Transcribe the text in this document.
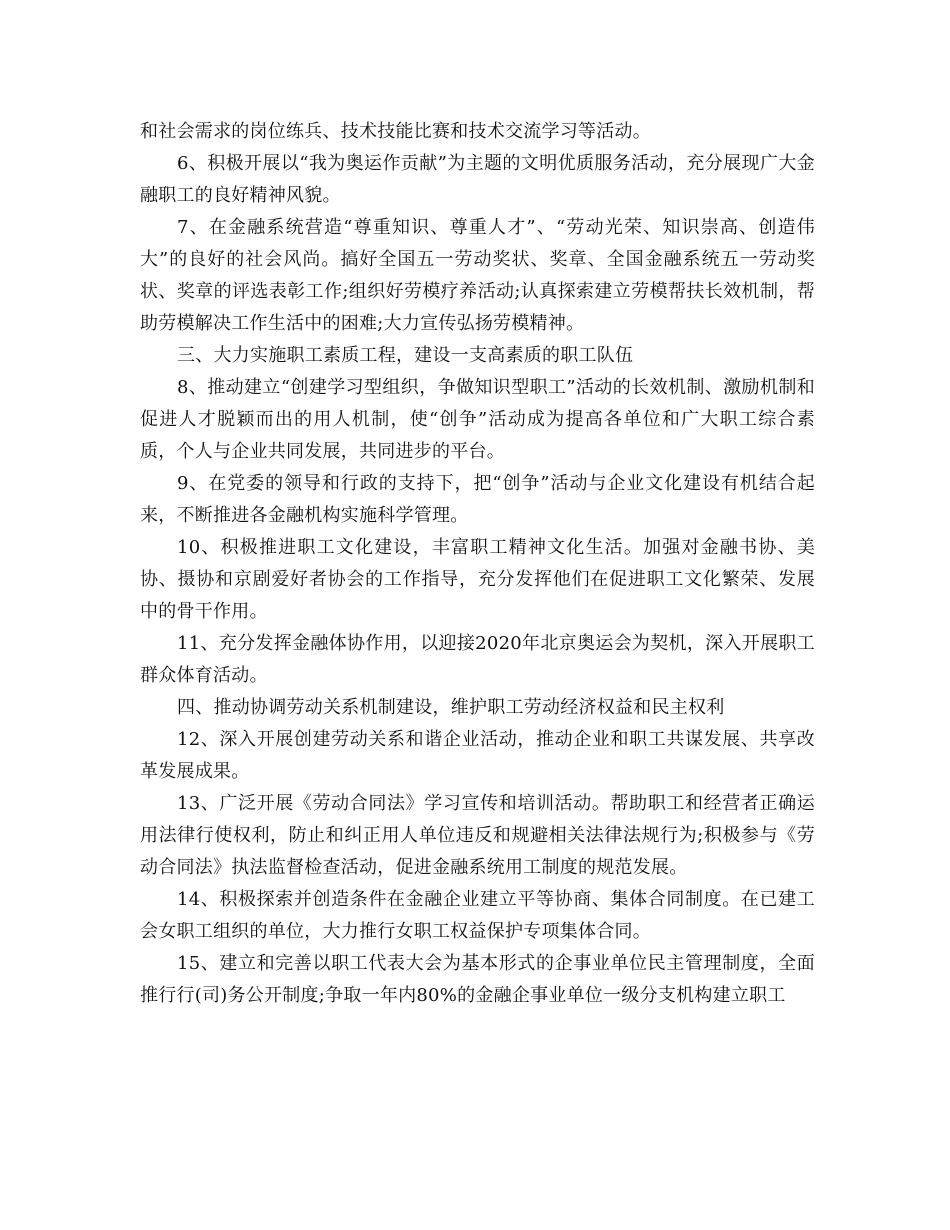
和社会需求的岗位练兵、技术技能比赛和技术交流学习等活动。

6、积极开展以“我为奥运作贡献”为主题的文明优质服务活动，充分展现广大金融职工的良好精神风貌。

7、在金融系统营造“尊重知识、尊重人才”、“劳动光荣、知识崇高、创造伟大”的良好的社会风尚。搞好全国五一劳动奖状、奖章、全国金融系统五一劳动奖状、奖章的评选表彰工作;组织好劳模疗养活动;认真探索建立劳模帮扶长效机制，帮助劳模解决工作生活中的困难;大力宣传弘扬劳模精神。

三、大力实施职工素质工程，建设一支高素质的职工队伍

8、推动建立“创建学习型组织，争做知识型职工”活动的长效机制、激励机制和促进人才脱颖而出的用人机制，使“创争”活动成为提高各单位和广大职工综合素质，个人与企业共同发展，共同进步的平台。

9、在党委的领导和行政的支持下，把“创争”活动与企业文化建设有机结合起来，不断推进各金融机构实施科学管理。

10、积极推进职工文化建设，丰富职工精神文化生活。加强对金融书协、美协、摄协和京剧爱好者协会的工作指导，充分发挥他们在促进职工文化繁荣、发展中的骨干作用。

11、充分发挥金融体协作用，以迎接2020年北京奥运会为契机，深入开展职工群众体育活动。

四、推动协调劳动关系机制建设，维护职工劳动经济权益和民主权利

12、深入开展创建劳动关系和谐企业活动，推动企业和职工共谋发展、共享改革发展成果。

13、广泛开展《劳动合同法》学习宣传和培训活动。帮助职工和经营者正确运用法律行使权利，防止和纠正用人单位违反和规避相关法律法规行为;积极参与《劳动合同法》执法监督检查活动，促进金融系统用工制度的规范发展。

14、积极探索并创造条件在金融企业建立平等协商、集体合同制度。在已建工会女职工组织的单位，大力推行女职工权益保护专项集体合同。

15、建立和完善以职工代表大会为基本形式的企事业单位民主管理制度，全面推行行(司)务公开制度;争取一年内80%的金融企事业单位一级分支机构建立职工
